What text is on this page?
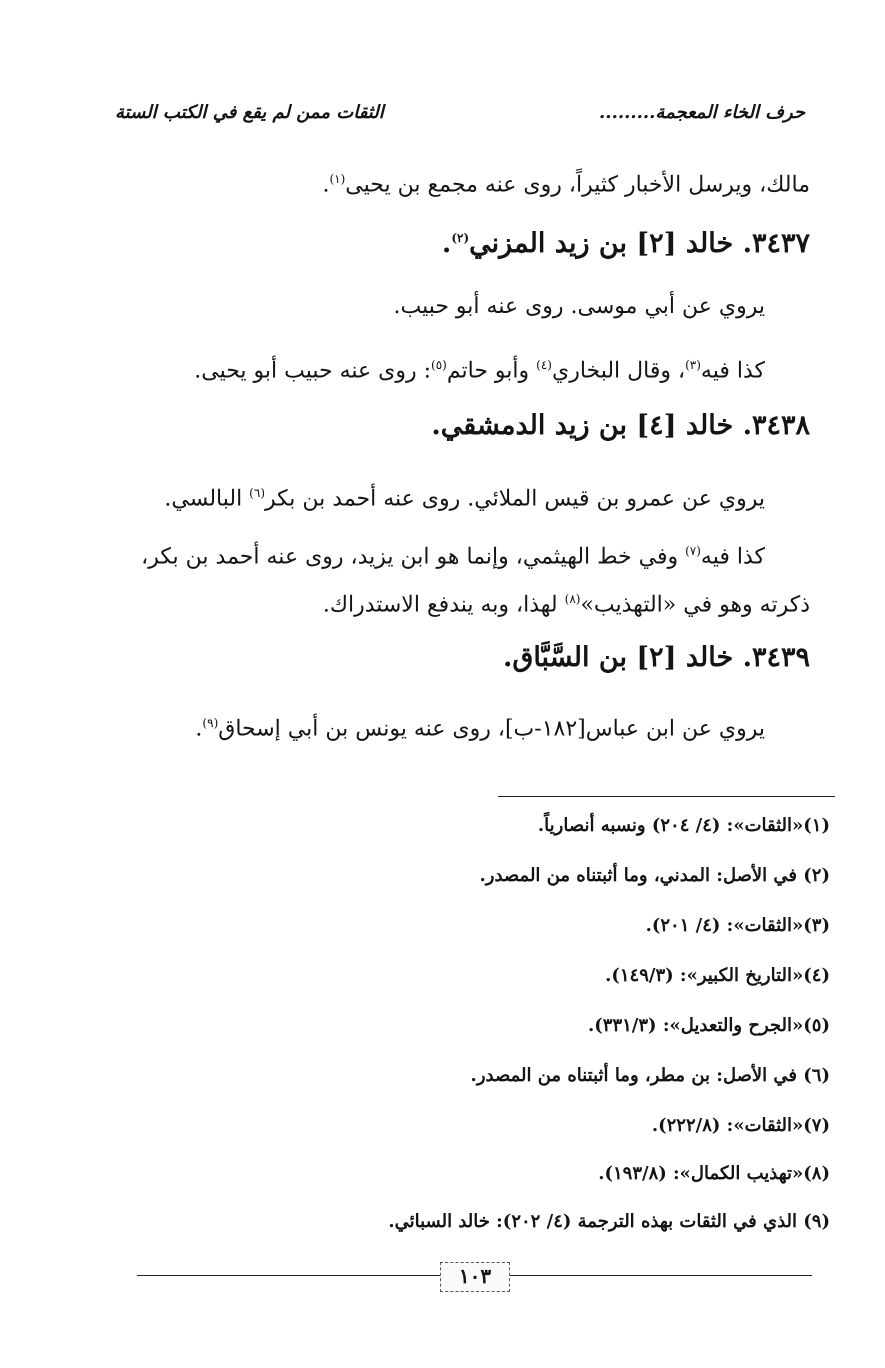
حرف الخاء المعجمة.........
الثقات ممن لم يقع في الكتب الستة
مالك، ويرسل الأخبار كثيراً، روى عنه مجمع بن يحيى$^{(١)}$.
٣٤٣٧. خالد [٢] بن زيد المزني$^{(٢)}$.
يروي عن أبي موسى. روى عنه أبو حبيب.
كذا فيه$^{(٣)}$، وقال البخاري$^{(٤)}$ وأبو حاتم$^{(٥)}$: روى عنه حبيب أبو يحيى.
٣٤٣٨. خالد [٤] بن زيد الدمشقي.
يروي عن عمرو بن قيس الملائي. روى عنه أحمد بن بكر$^{(٦)}$ البالسي.
كذا فيه$^{(٧)}$ وفي خط الهيثمي، وإنما هو ابن يزيد، روى عنه أحمد بن بكر،
ذكرته وهو في «التهذيب»$^{(٨)}$ لهذا، وبه يندفع الاستدراك.
٣٤٣٩. خالد [٢] بن السَّبَّاق.
يروي عن ابن عباس[١٨٢-ب]، روى عنه يونس بن أبي إسحاق$^{(٩)}$.
(١)«الثقات»: (٤/ ٢٠٤) ونسبه أنصارياً.
(٢) في الأصل: المدني، وما أثبتناه من المصدر.
(٣)«الثقات»: (٤/ ٢٠١).
(٤)«التاريخ الكبير»: (١٤٩/٣).
(٥)«الجرح والتعديل»: (٣٣١/٣).
(٦) في الأصل: بن مطر، وما أثبتناه من المصدر.
(٧)«الثقات»: (٢٢٢/٨).
(٨)«تهذيب الكمال»: (١٩٣/٨).
(٩) الذي في الثقات بهذه الترجمة (٤/ ٢٠٢): خالد السبائي.
١٠٣
